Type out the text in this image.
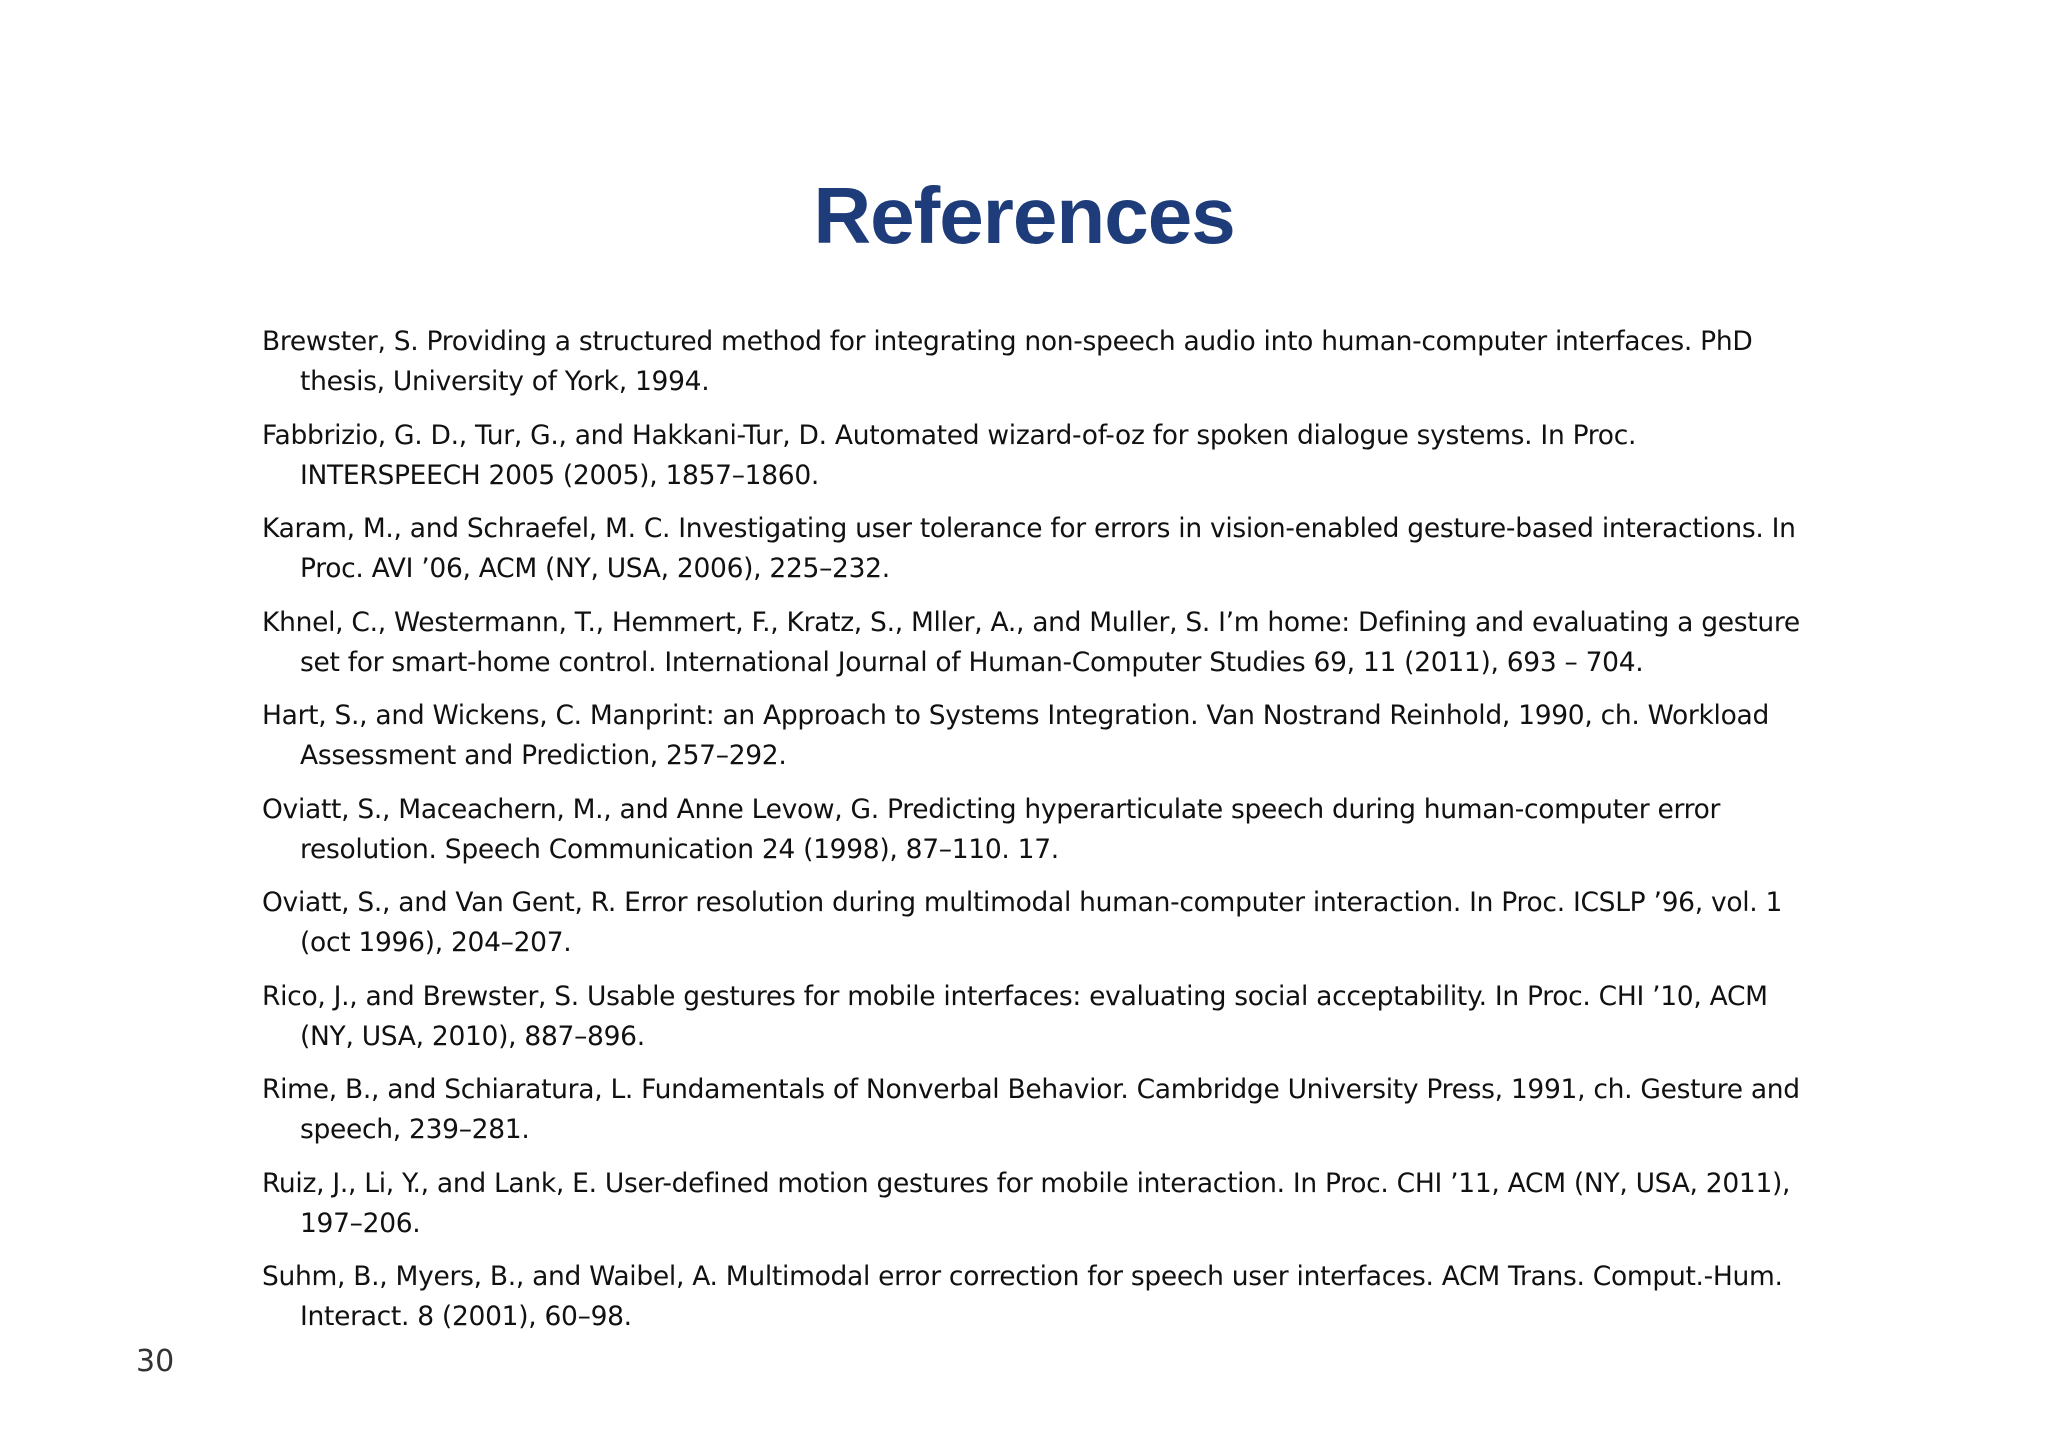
References
Brewster, S. Providing a structured method for integrating non-speech audio into human-computer interfaces. PhD thesis, University of York, 1994.
Fabbrizio, G. D., Tur, G., and Hakkani-Tur, D. Automated wizard-of-oz for spoken dialogue systems. In Proc. INTERSPEECH 2005 (2005), 1857–1860.
Karam, M., and Schraefel, M. C. Investigating user tolerance for errors in vision-enabled gesture-based interactions. In Proc. AVI ’06, ACM (NY, USA, 2006), 225–232.
Khnel, C., Westermann, T., Hemmert, F., Kratz, S., Mller, A., and Muller, S. I’m home: Defining and evaluating a gesture set for smart-home control. International Journal of Human-Computer Studies 69, 11 (2011), 693 – 704.
Hart, S., and Wickens, C. Manprint: an Approach to Systems Integration. Van Nostrand Reinhold, 1990, ch. Workload Assessment and Prediction, 257–292.
Oviatt, S., Maceachern, M., and Anne Levow, G. Predicting hyperarticulate speech during human-computer error resolution. Speech Communication 24 (1998), 87–110. 17.
Oviatt, S., and Van Gent, R. Error resolution during multimodal human-computer interaction. In Proc. ICSLP ’96, vol. 1 (oct 1996), 204–207.
Rico, J., and Brewster, S. Usable gestures for mobile interfaces: evaluating social acceptability. In Proc. CHI ’10, ACM (NY, USA, 2010), 887–896.
Rime, B., and Schiaratura, L. Fundamentals of Nonverbal Behavior. Cambridge University Press, 1991, ch. Gesture and speech, 239–281.
Ruiz, J., Li, Y., and Lank, E. User-defined motion gestures for mobile interaction. In Proc. CHI ’11, ACM (NY, USA, 2011), 197–206.
Suhm, B., Myers, B., and Waibel, A. Multimodal error correction for speech user interfaces. ACM Trans. Comput.-Hum. Interact. 8 (2001), 60–98.
30
